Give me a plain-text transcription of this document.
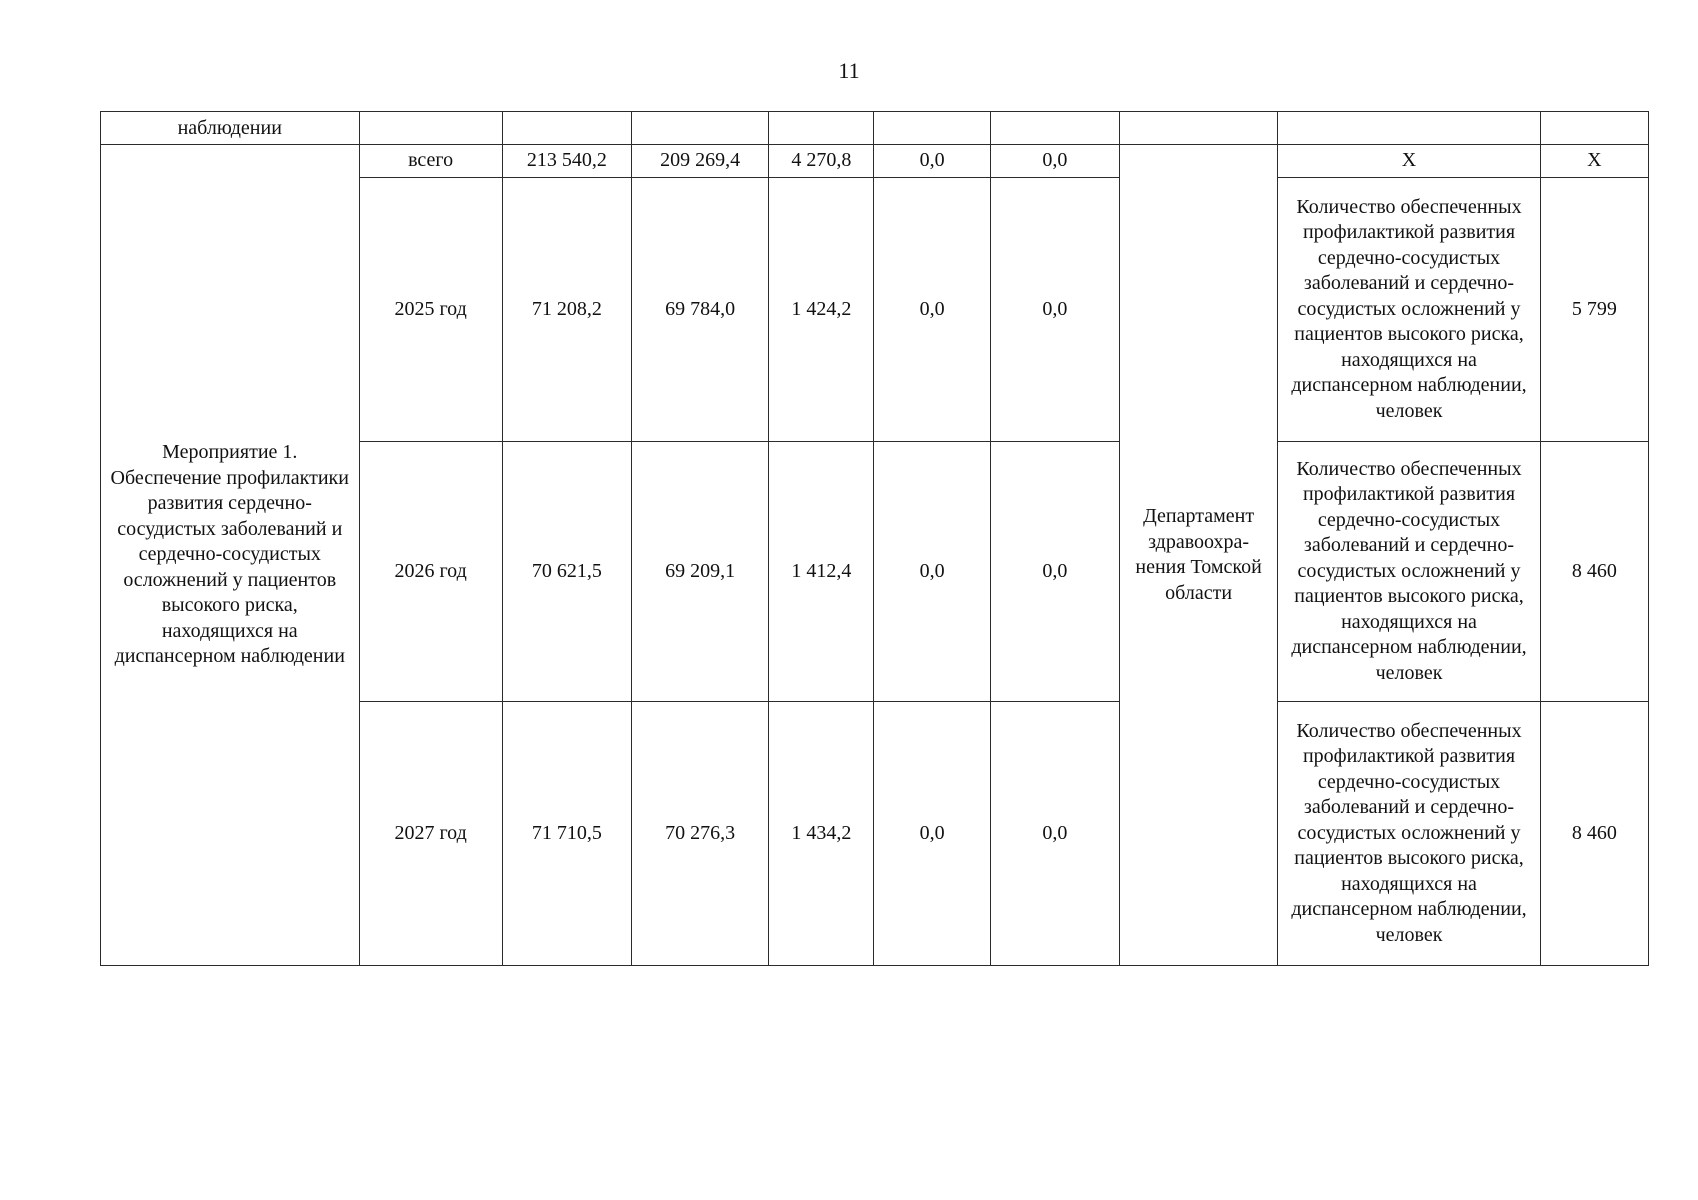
11
наблюдении									
Мероприятие 1. Обеспечение профилактики развития сердечно-сосудистых заболеваний и сердечно-сосудистых осложнений у пациентов высокого риска, находящихся на диспансерном наблюдении	всего	213 540,2	209 269,4	4 270,8	0,0	0,0	Департамент здравоохра-нения Томской области	X	X
	2025 год	71 208,2	69 784,0	1 424,2	0,0	0,0		Количество обеспеченных профилактикой развития сердечно-сосудистых заболеваний и сердечно-сосудистых осложнений у пациентов высокого риска, находящихся на диспансерном наблюдении, человек	5 799
	2026 год	70 621,5	69 209,1	1 412,4	0,0	0,0		Количество обеспеченных профилактикой развития сердечно-сосудистых заболеваний и сердечно-сосудистых осложнений у пациентов высокого риска, находящихся на диспансерном наблюдении, человек	8 460
	2027 год	71 710,5	70 276,3	1 434,2	0,0	0,0		Количество обеспеченных профилактикой развития сердечно-сосудистых заболеваний и сердечно-сосудистых осложнений у пациентов высокого риска, находящихся на диспансерном наблюдении, человек	8 460
